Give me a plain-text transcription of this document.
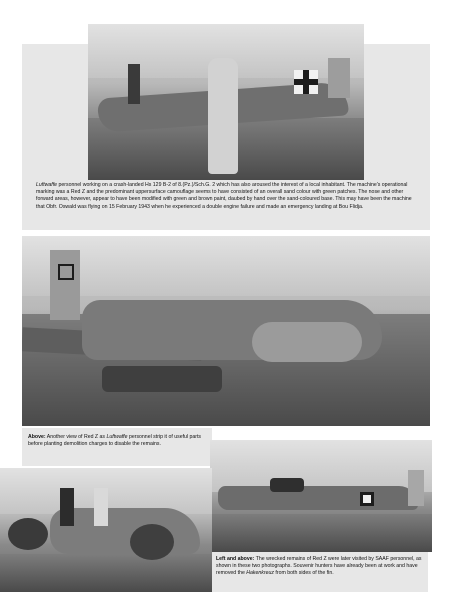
Luftwaffe personnel working on a crash-landed Hs 129 B-2 of 8.(Pz.)/Sch.G. 2 which has also aroused the interest of a local inhabitant. The machine's operational marking was a Red Z and the predominant uppersurface camouflage seems to have consisted of an overall sand colour with green patches. The nose and other forward areas, however, appear to have been modified with green and brown paint, daubed by hand over the sand-coloured base. This may have been the machine that Obfr. Oswald was flying on 15 February 1943 when he experienced a double engine failure and made an emergency landing at Bou Flidja.

Above: Another view of Red Z as Luftwaffe personnel strip it of useful parts before planting demolition charges to disable the remains.

Left and above: The wrecked remains of Red Z were later visited by SAAF personnel, as shown in these two photographs. Souvenir hunters have already been at work and have removed the Hakenkreuz from both sides of the fin.
